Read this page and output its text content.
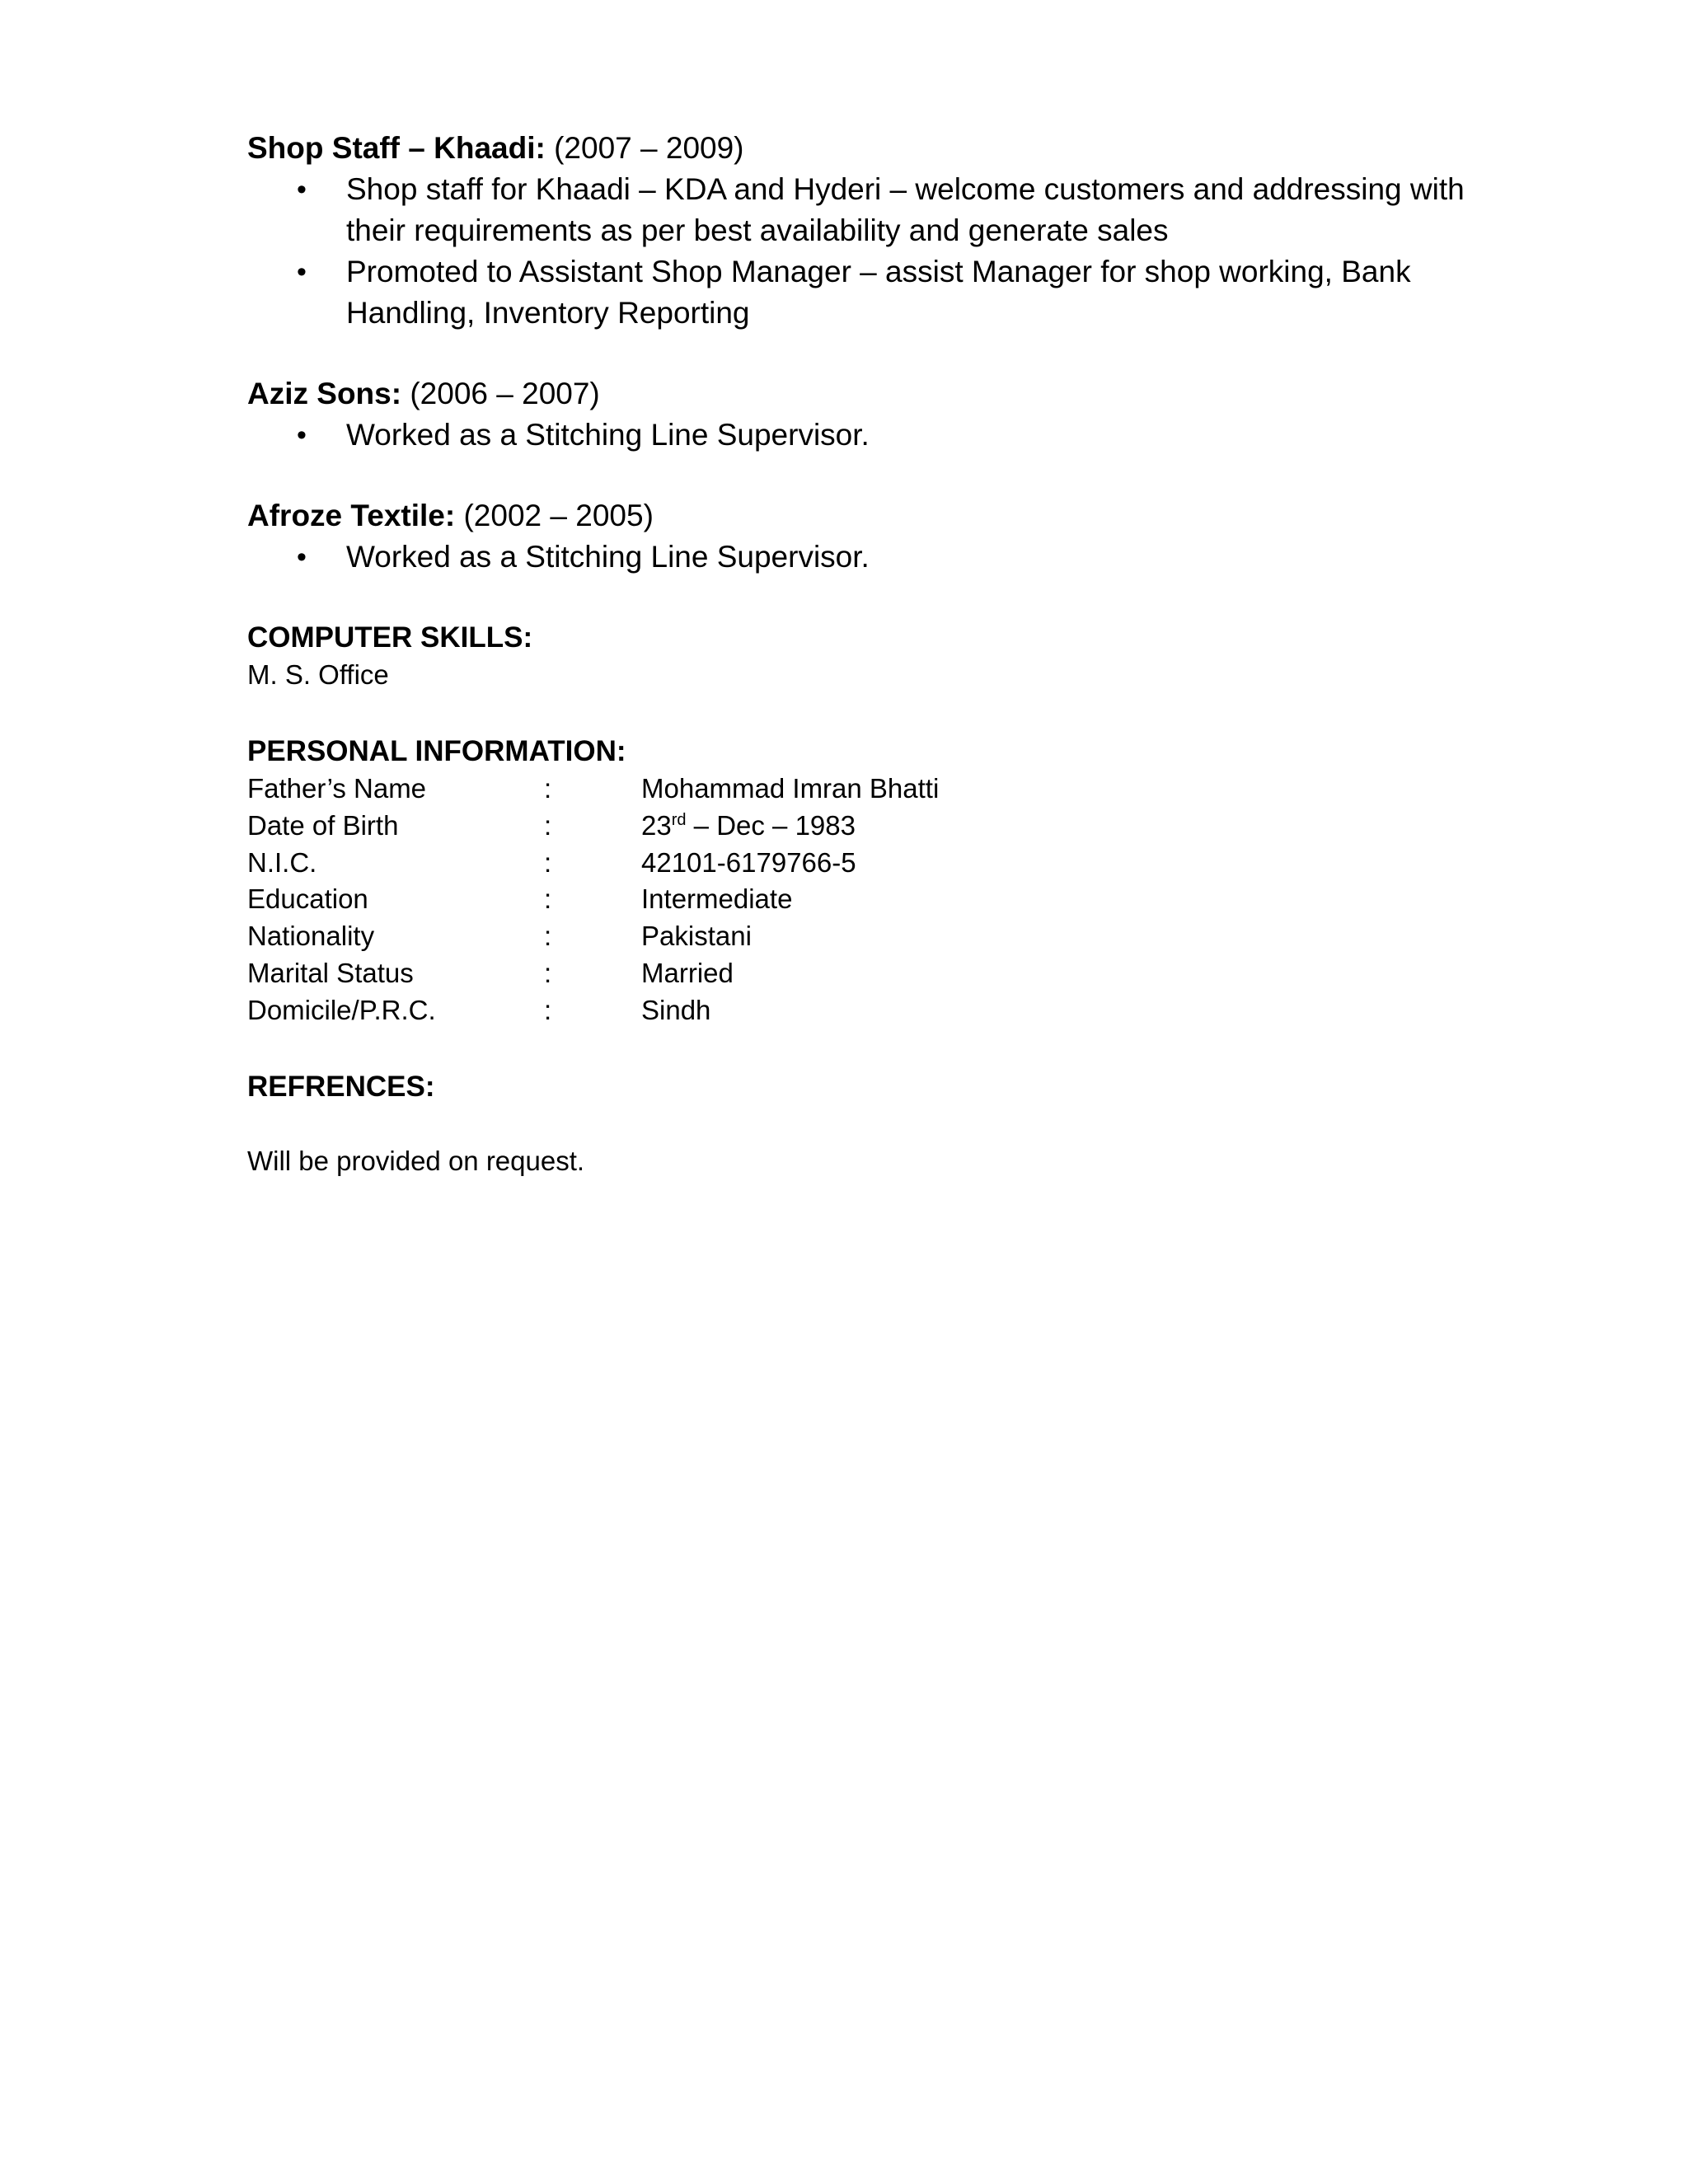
Shop Staff – Khaadi: (2007 – 2009)

• Shop staff for Khaadi – KDA and Hyderi – welcome customers and addressing with their requirements as per best availability and generate sales
• Promoted to Assistant Shop Manager – assist Manager for shop working, Bank Handling, Inventory Reporting

Aziz Sons: (2006 – 2007)

• Worked as a Stitching Line Supervisor.

Afroze Textile: (2002 – 2005)

• Worked as a Stitching Line Supervisor.

COMPUTER SKILLS:

M. S. Office

PERSONAL INFORMATION:

Father’s Name	:	Mohammad Imran Bhatti
Date of Birth	:	23rd – Dec – 1983
N.I.C.	:	42101-6179766-5
Education	:	Intermediate
Nationality	:	Pakistani
Marital Status	:	Married
Domicile/P.R.C.	:	Sindh

REFRENCES:

Will be provided on request.
